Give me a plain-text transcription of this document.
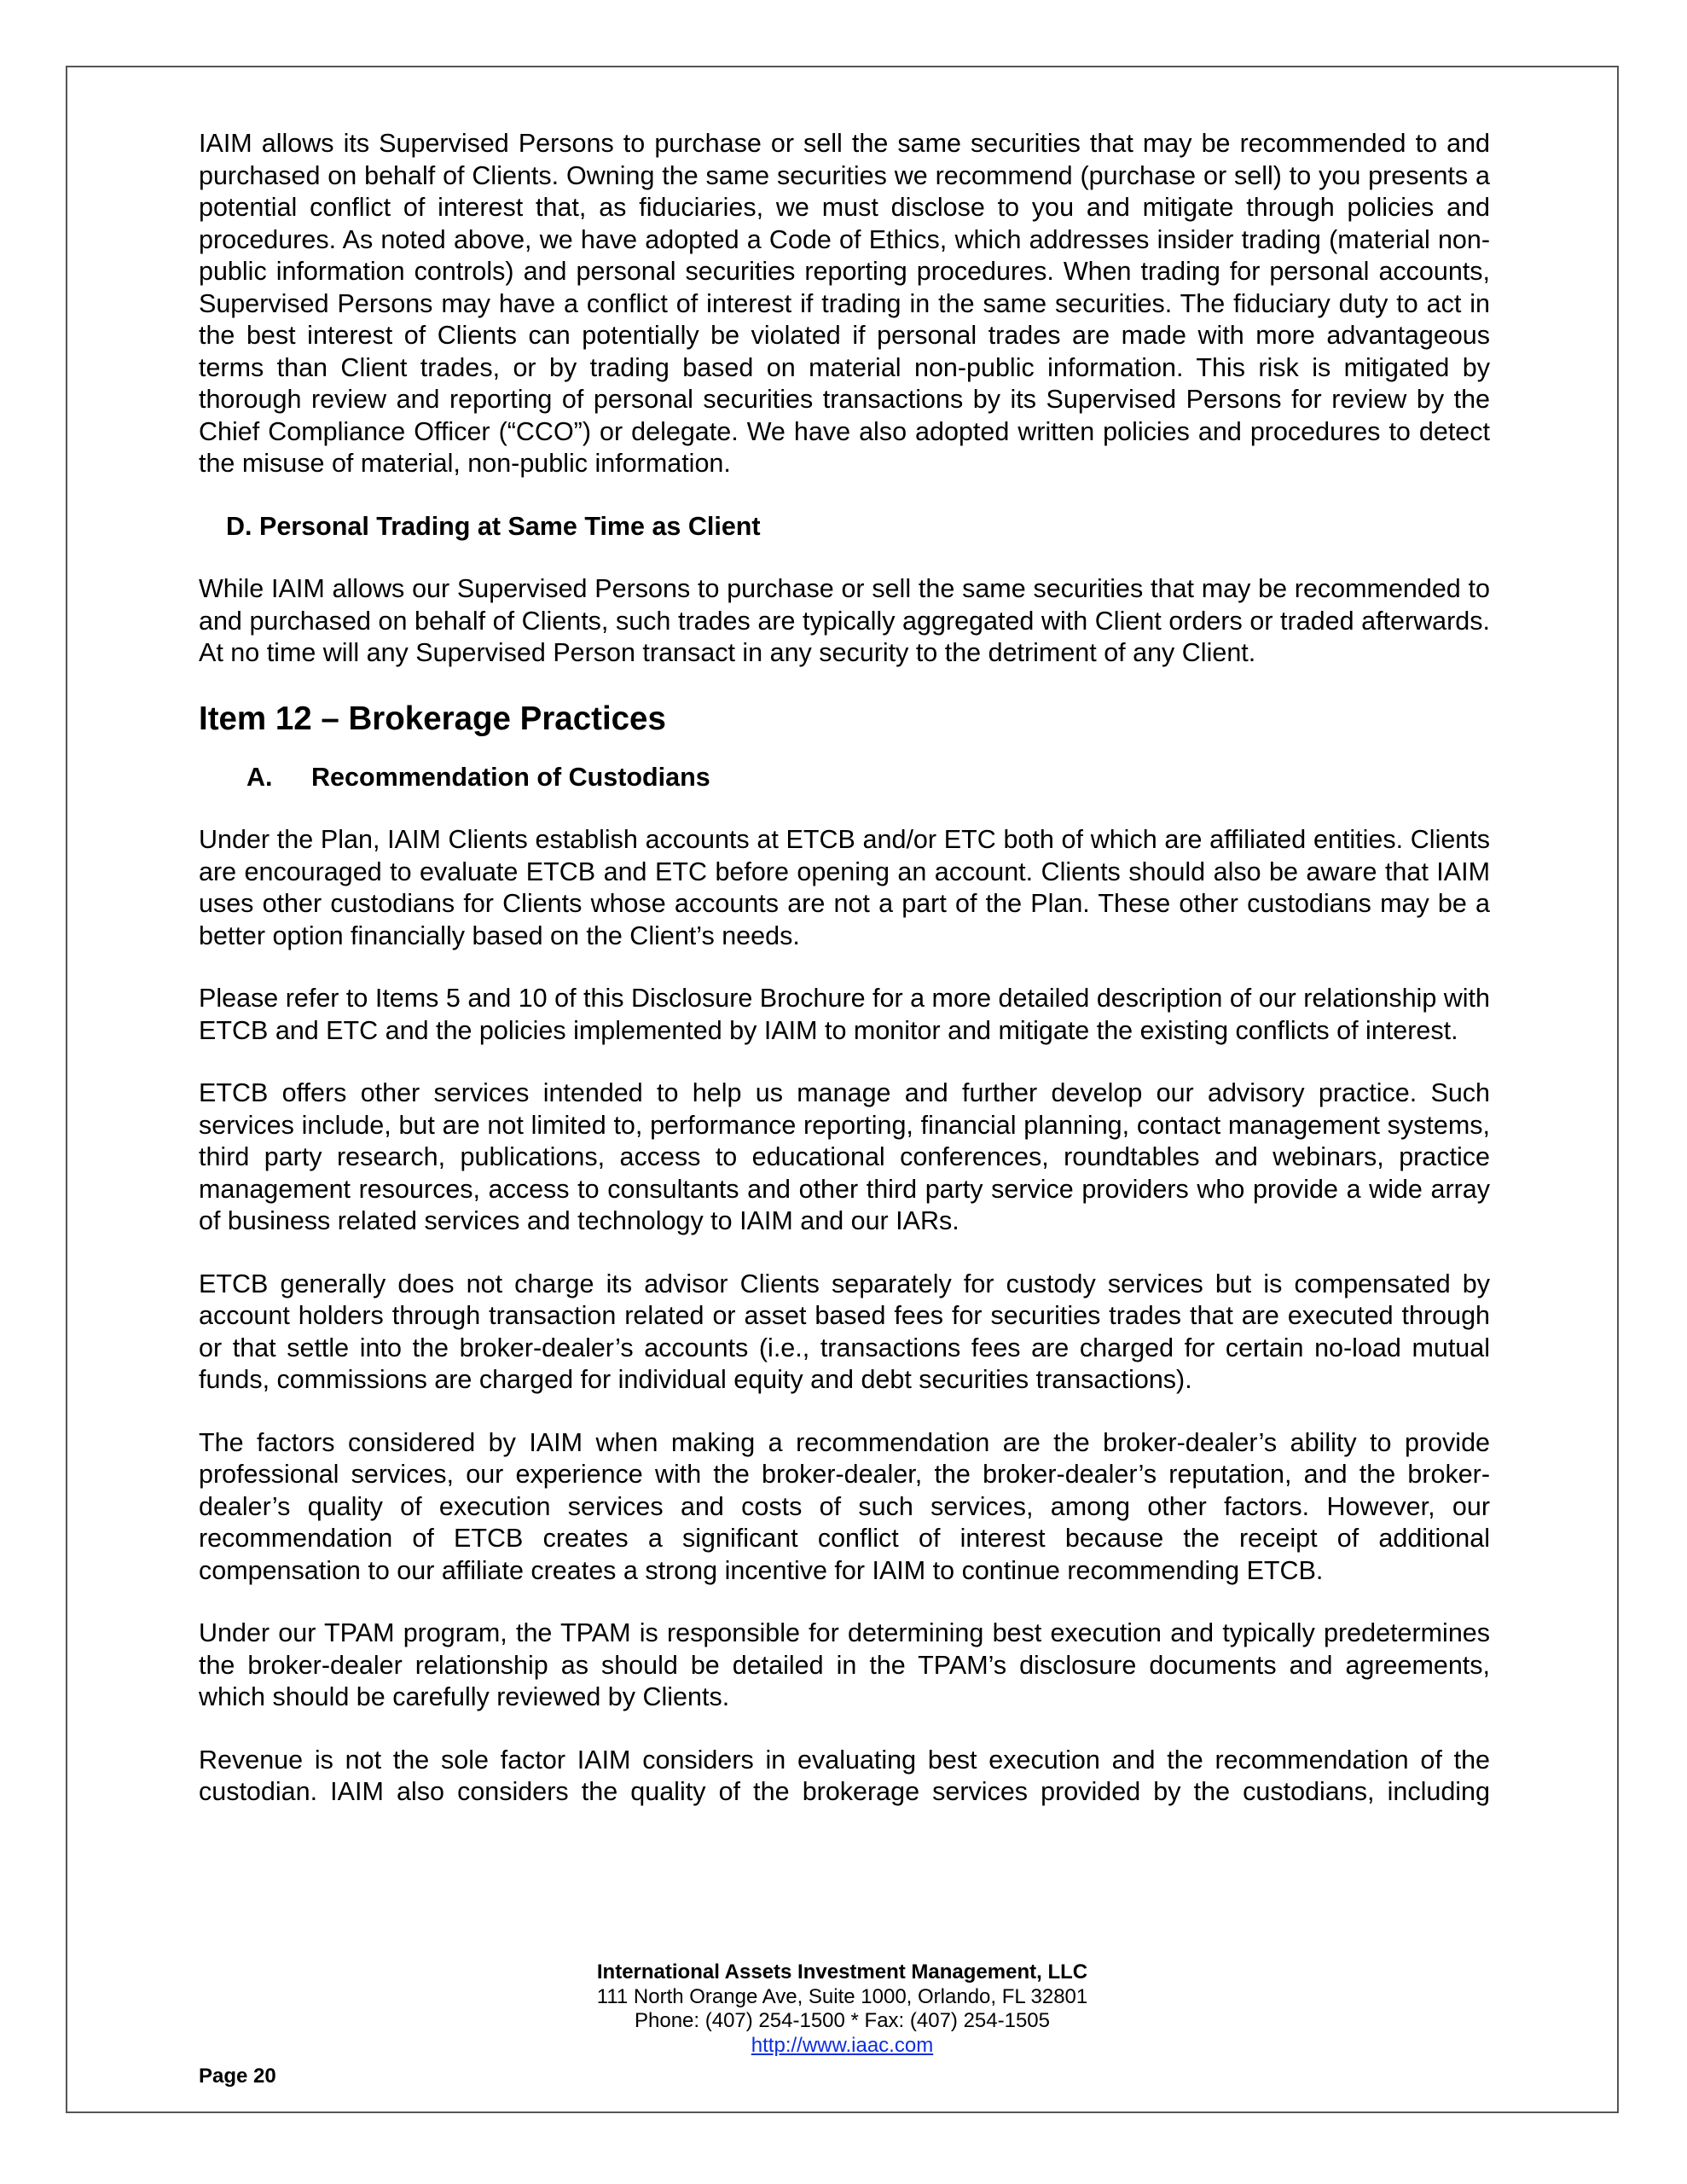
IAIM allows its Supervised Persons to purchase or sell the same securities that may be recommended to and purchased on behalf of Clients. Owning the same securities we recommend (purchase or sell) to you presents a potential conflict of interest that, as fiduciaries, we must disclose to you and mitigate through policies and procedures. As noted above, we have adopted a Code of Ethics, which addresses insider trading (material non-public information controls) and personal securities reporting procedures. When trading for personal accounts, Supervised Persons may have a conflict of interest if trading in the same securities. The fiduciary duty to act in the best interest of Clients can potentially be violated if personal trades are made with more advantageous terms than Client trades, or by trading based on material non-public information. This risk is mitigated by thorough review and reporting of personal securities transactions by its Supervised Persons for review by the Chief Compliance Officer (“CCO”) or delegate. We have also adopted written policies and procedures to detect the misuse of material, non-public information.

D. Personal Trading at Same Time as Client

While IAIM allows our Supervised Persons to purchase or sell the same securities that may be recommended to and purchased on behalf of Clients, such trades are typically aggregated with Client orders or traded afterwards. At no time will any Supervised Person transact in any security to the detriment of any Client.

Item 12 – Brokerage Practices
A. Recommendation of Custodians

Under the Plan, IAIM Clients establish accounts at ETCB and/or ETC both of which are affiliated entities. Clients are encouraged to evaluate ETCB and ETC before opening an account. Clients should also be aware that IAIM uses other custodians for Clients whose accounts are not a part of the Plan. These other custodians may be a better option financially based on the Client’s needs.

Please refer to Items 5 and 10 of this Disclosure Brochure for a more detailed description of our relationship with ETCB and ETC and the policies implemented by IAIM to monitor and mitigate the existing conflicts of interest.

ETCB offers other services intended to help us manage and further develop our advisory practice. Such services include, but are not limited to, performance reporting, financial planning, contact management systems, third party research, publications, access to educational conferences, roundtables and webinars, practice management resources, access to consultants and other third party service providers who provide a wide array of business related services and technology to IAIM and our IARs.

ETCB generally does not charge its advisor Clients separately for custody services but is compensated by account holders through transaction related or asset based fees for securities trades that are executed through or that settle into the broker-dealer’s accounts (i.e., transactions fees are charged for certain no-load mutual funds, commissions are charged for individual equity and debt securities transactions).

The factors considered by IAIM when making a recommendation are the broker-dealer’s ability to provide professional services, our experience with the broker-dealer, the broker-dealer’s reputation, and the broker-dealer’s quality of execution services and costs of such services, among other factors. However, our recommendation of ETCB creates a significant conflict of interest because the receipt of additional compensation to our affiliate creates a strong incentive for IAIM to continue recommending ETCB.

Under our TPAM program, the TPAM is responsible for determining best execution and typically predetermines the broker-dealer relationship as should be detailed in the TPAM’s disclosure documents and agreements, which should be carefully reviewed by Clients.

Revenue is not the sole factor IAIM considers in evaluating best execution and the recommendation of the custodian. IAIM also considers the quality of the brokerage services provided by the custodians, including

International Assets Investment Management, LLC
111 North Orange Ave, Suite 1000, Orlando, FL 32801
Phone: (407) 254-1500 * Fax: (407) 254-1505
http://www.iaac.com
Page 20
